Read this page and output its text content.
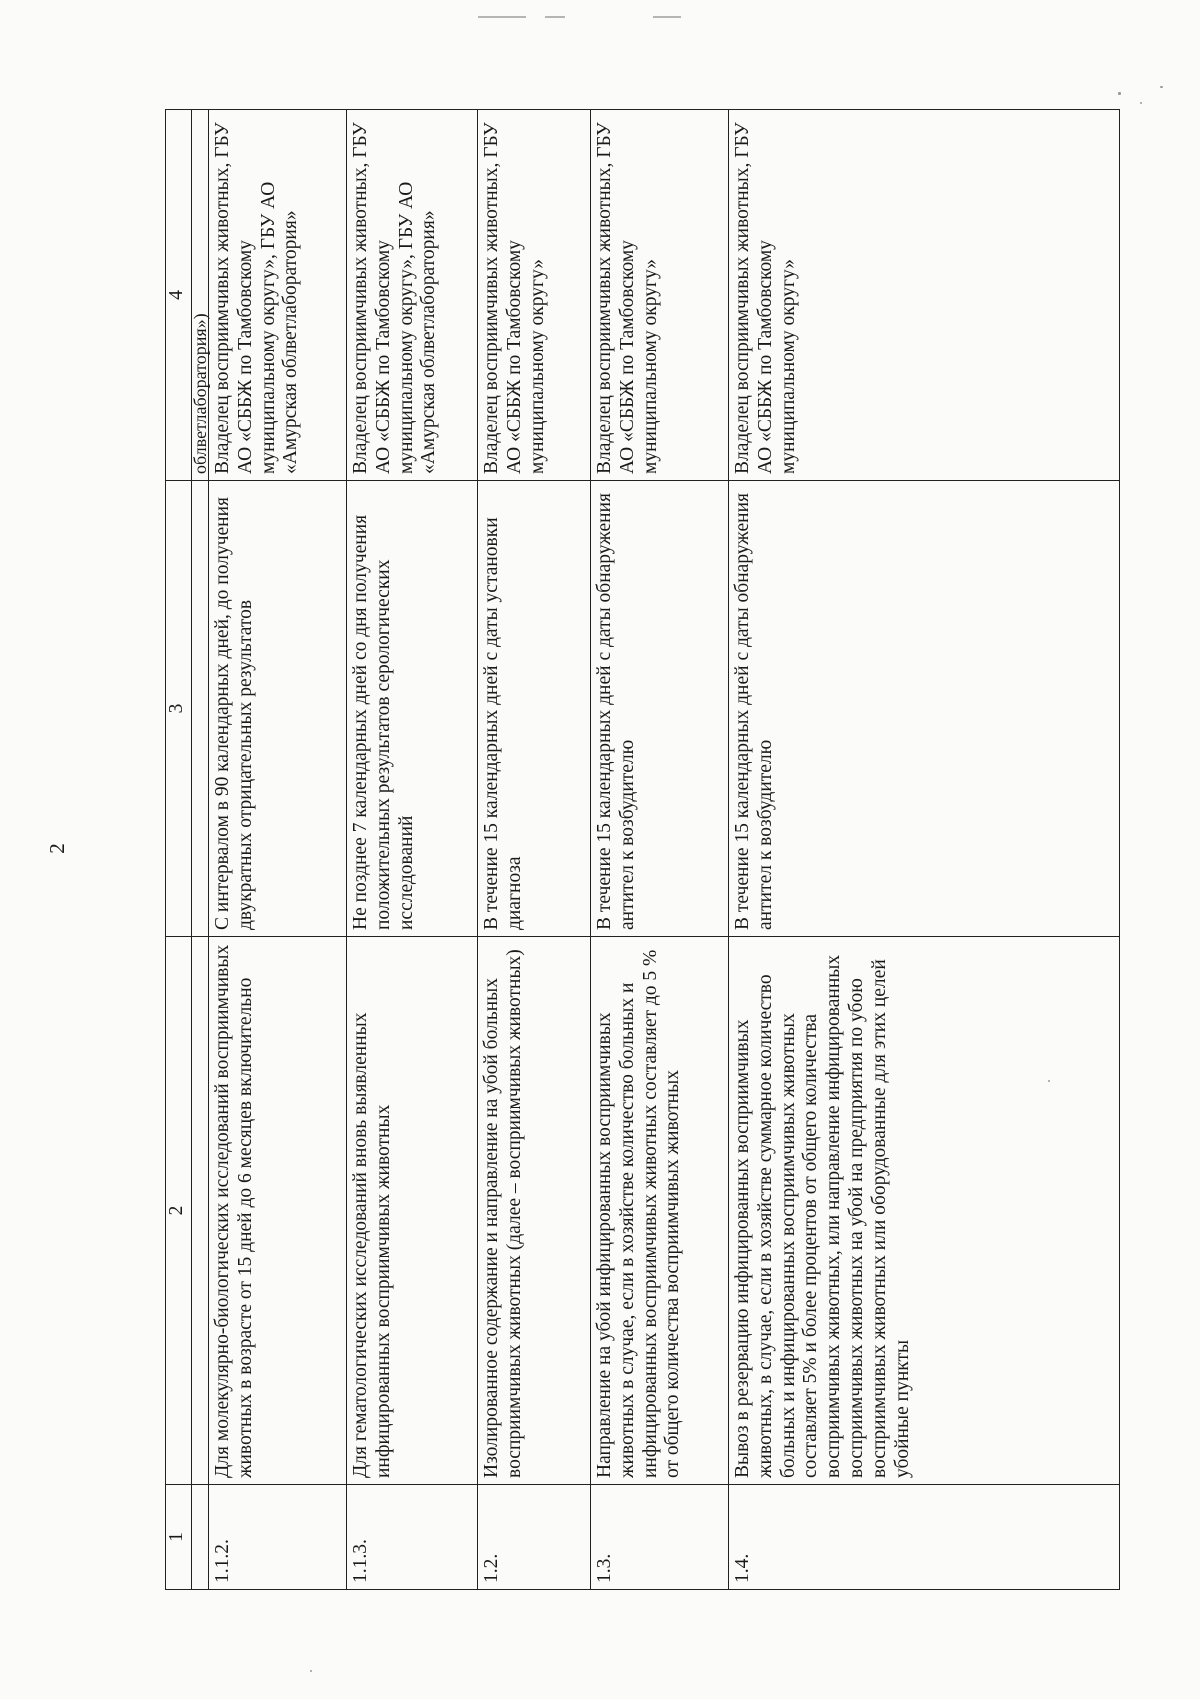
2
1	2	3	4
			облветлаборатория»)
1.1.2.	Для молекулярно-биологических исследований восприимчивых животных в возрасте от 15 дней до 6 месяцев включительно	С интервалом в 90 календарных дней, до получения двукратных отрицательных результатов	Владелец восприимчивых животных, ГБУ АО «СББЖ по Тамбовскому муниципальному округу», ГБУ АО «Амурская облветлаборатория»
1.1.3.	Для гематологических исследований вновь выявленных инфицированных восприимчивых животных	Не позднее 7 календарных дней со дня получения положительных результатов серологических исследований	Владелец восприимчивых животных, ГБУ АО «СББЖ по Тамбовскому муниципальному округу», ГБУ АО «Амурская облветлаборатория»
1.2.	Изолированное содержание и направление на убой больных восприимчивых животных (далее – восприимчивых животных)	В течение 15 календарных дней с даты установки диагноза	Владелец восприимчивых животных, ГБУ АО «СББЖ по Тамбовскому муниципальному округу»
1.3.	Направление на убой инфицированных восприимчивых животных в случае, если в хозяйстве количество больных и инфицированных восприимчивых животных составляет до 5 % от общего количества восприимчивых животных	В течение 15 календарных дней с даты обнаружения антител к возбудителю	Владелец восприимчивых животных, ГБУ АО «СББЖ по Тамбовскому муниципальному округу»
1.4.	Вывоз в резервацию инфицированных восприимчивых животных, в случае, если в хозяйстве суммарное количество больных и инфицированных восприимчивых животных составляет 5% и более процентов от общего количества восприимчивых животных, или направление инфицированных восприимчивых животных на убой на предприятия по убою восприимчивых животных или оборудованные для этих целей убойные пункты	В течение 15 календарных дней с даты обнаружения антител к возбудителю	Владелец восприимчивых животных, ГБУ АО «СББЖ по Тамбовскому муниципальному округу»
